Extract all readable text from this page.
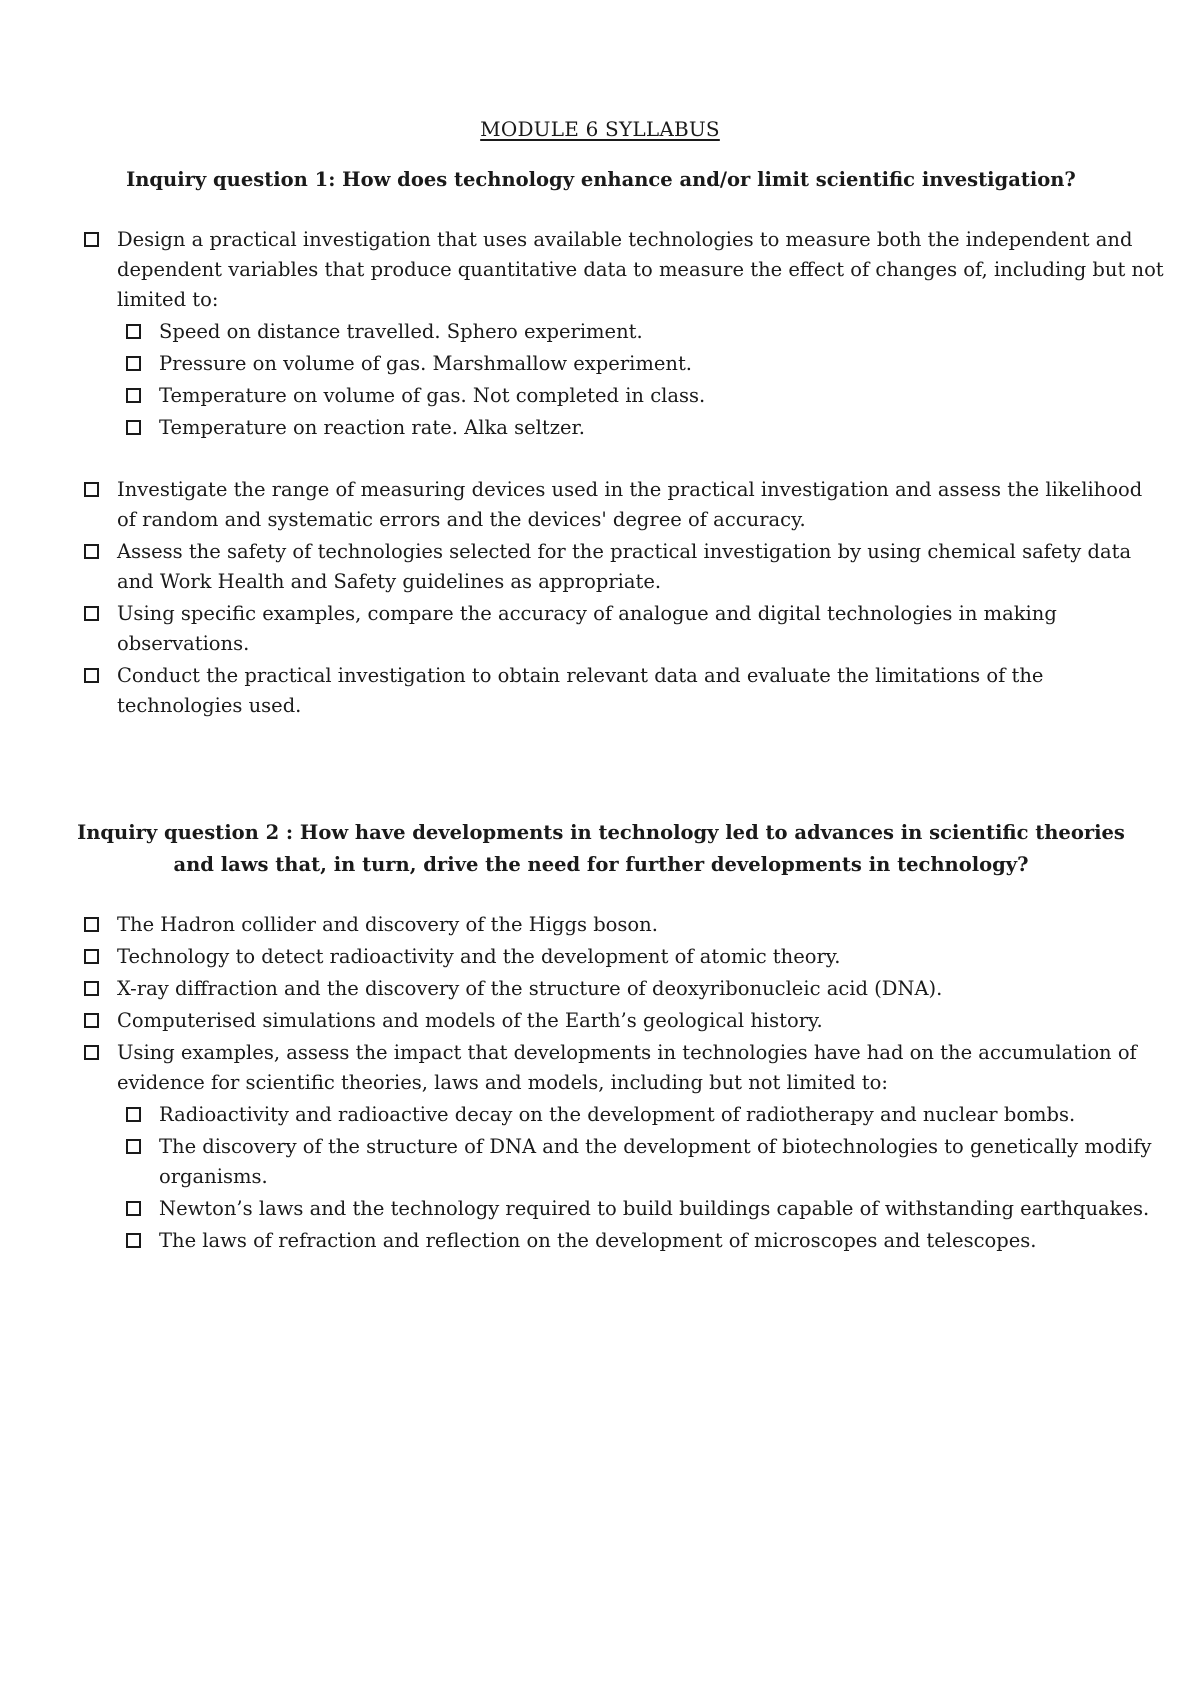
MODULE 6 SYLLABUS
Inquiry question 1: How does technology enhance and/or limit scientific investigation?
Design a practical investigation that uses available technologies to measure both the independent and dependent variables that produce quantitative data to measure the effect of changes of, including but not limited to:
Speed on distance travelled. Sphero experiment.
Pressure on volume of gas. Marshmallow experiment.
Temperature on volume of gas. Not completed in class.
Temperature on reaction rate. Alka seltzer.
Investigate the range of measuring devices used in the practical investigation and assess the likelihood of random and systematic errors and the devices' degree of accuracy.
Assess the safety of technologies selected for the practical investigation by using chemical safety data and Work Health and Safety guidelines as appropriate.
Using specific examples, compare the accuracy of analogue and digital technologies in making observations.
Conduct the practical investigation to obtain relevant data and evaluate the limitations of the technologies used.
Inquiry question 2 : How have developments in technology led to advances in scientific theories and laws that, in turn, drive the need for further developments in technology?
The Hadron collider and discovery of the Higgs boson.
Technology to detect radioactivity and the development of atomic theory.
X-ray diffraction and the discovery of the structure of deoxyribonucleic acid (DNA).
Computerised simulations and models of the Earth’s geological history.
Using examples, assess the impact that developments in technologies have had on the accumulation of evidence for scientific theories, laws and models, including but not limited to:
Radioactivity and radioactive decay on the development of radiotherapy and nuclear bombs.
The discovery of the structure of DNA and the development of biotechnologies to genetically modify organisms.
Newton’s laws and the technology required to build buildings capable of withstanding earthquakes.
The laws of refraction and reflection on the development of microscopes and telescopes.
